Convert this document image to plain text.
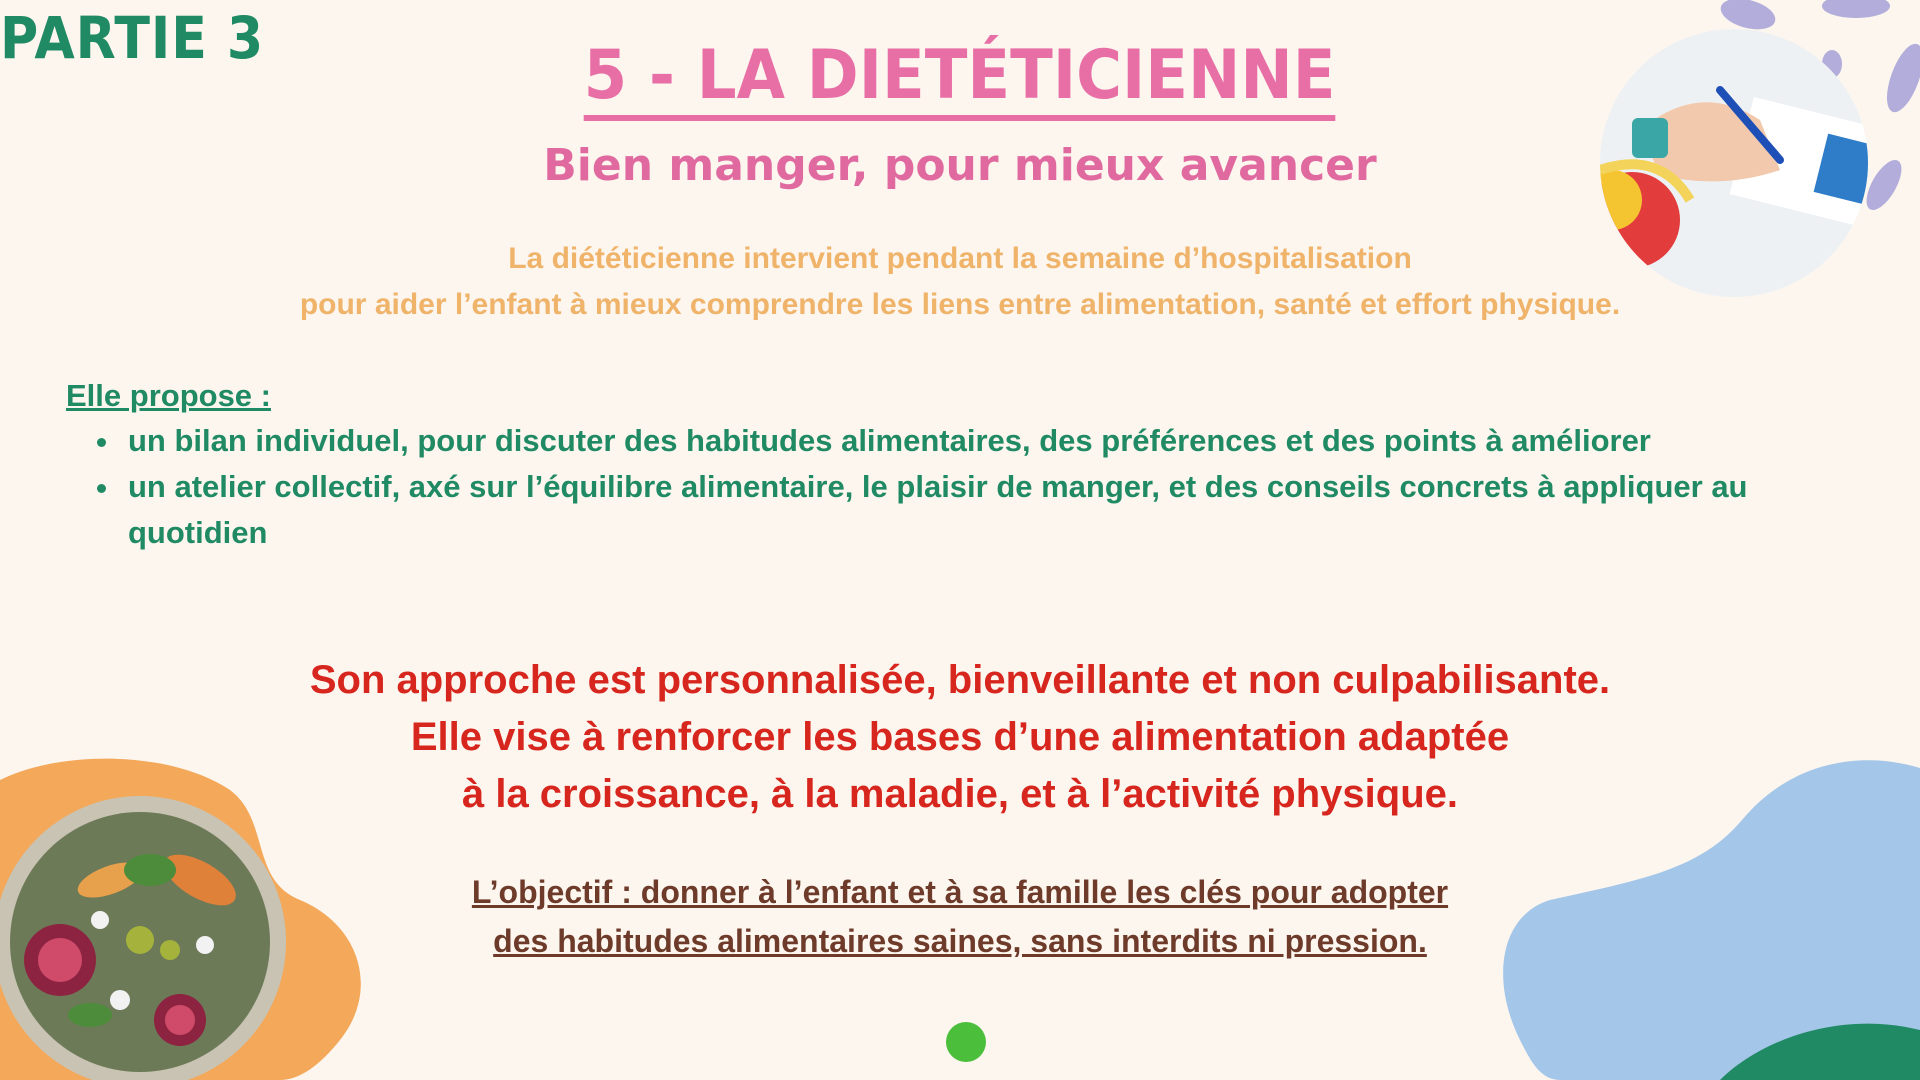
PARTIE 3	5 - LA DIETÉTICIENNE
Bien manger, pour mieux avancer

La diététicienne intervient pendant la semaine d’hospitalisation
pour aider l’enfant à mieux comprendre les liens entre alimentation, santé et effort physique.

Elle propose :

• un bilan individuel, pour discuter des habitudes alimentaires, des préférences et des points à améliorer
• un atelier collectif, axé sur l’équilibre alimentaire, le plaisir de manger, et des conseils concrets à appliquer au quotidien

Son approche est personnalisée, bienveillante et non culpabilisante.
Elle vise à renforcer les bases d’une alimentation adaptée
à la croissance, à la maladie, et à l’activité physique.

L’objectif : donner à l’enfant et à sa famille les clés pour adopter
des habitudes alimentaires saines, sans interdits ni pression.
